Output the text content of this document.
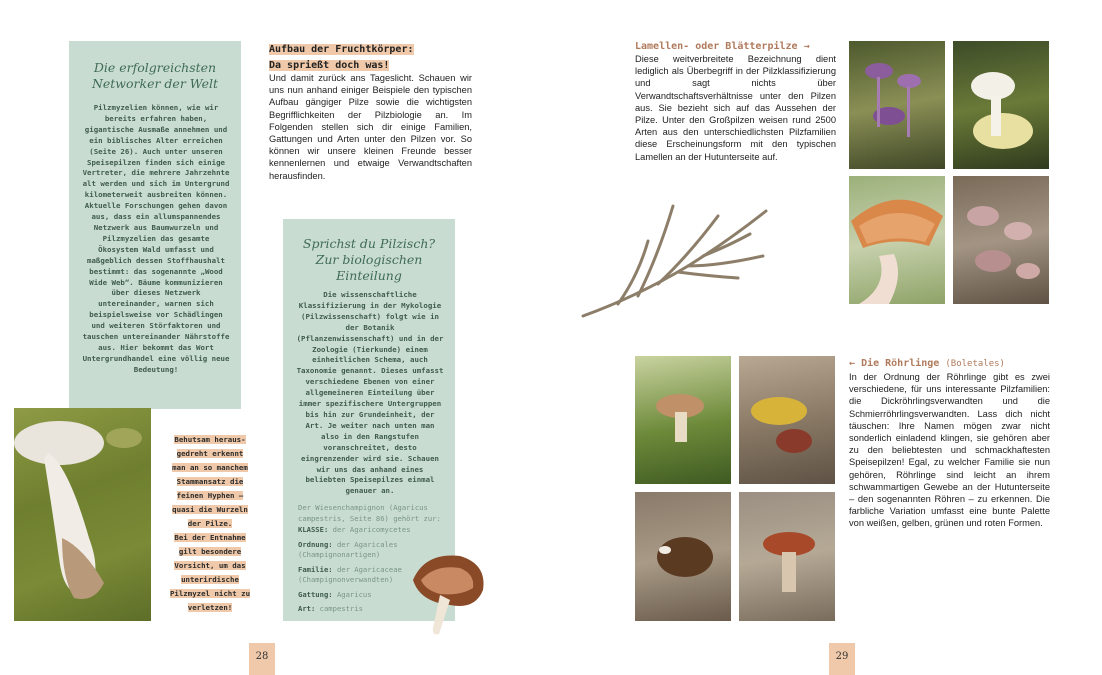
Die erfolgreichsten
Networker der Welt
Pilzmyzelien können, wie wir bereits erfahren haben, gigantische Ausmaße annehmen und ein biblisches Alter erreichen (Seite 26). Auch unter unseren Speisepilzen finden sich einige Vertreter, die mehrere Jahrzehnte alt werden und sich im Untergrund kilometerweit ausbreiten können. Aktuelle Forschungen gehen davon aus, dass ein allumspannendes Netzwerk aus Baumwurzeln und Pilzmyzelien das gesamte Ökosystem Wald umfasst und maßgeblich dessen Stoffhaushalt bestimmt: das sogenannte „Wood Wide Web“. Bäume kommunizieren über dieses Netzwerk untereinander, warnen sich beispielsweise vor Schädlingen und weiteren Störfaktoren und tauschen untereinander Nährstoffe aus. Hier bekommt das Wort Untergrundhandel eine völlig neue Bedeutung!
Aufbau der Fruchtkörper:
Da sprießt doch was!
Und damit zurück ans Tageslicht. Schauen wir uns nun anhand einiger Beispiele den typischen Aufbau gängiger Pilze sowie die wichtigsten Begrifflichkeiten der Pilzbiologie an. Im Folgenden stellen sich dir einige Familien, Gattungen und Arten unter den Pilzen vor. So können wir unsere kleinen Freunde besser kennenlernen und etwaige Verwandtschaften herausfinden.
Sprichst du Pilzisch?
Zur biologischen
Einteilung
Die wissenschaftliche Klassifizierung in der Mykologie (Pilzwissenschaft) folgt wie in der Botanik (Pflanzenwissenschaft) und in der Zoologie (Tierkunde) einem einheitlichen Schema, auch Taxonomie genannt. Dieses umfasst verschiedene Ebenen von einer allgemeineren Einteilung über immer spezifischere Untergruppen bis hin zur Grundeinheit, der Art. Je weiter nach unten man also in den Rangstufen voranschreitet, desto eingrenzender wird sie. Schauen wir uns das anhand eines beliebten Speisepilzes einmal genauer an.
Der Wiesenchampignon (Agaricus campestris, Seite 86) gehört zur:
KLASSE: der Agaricomycetes
Ordnung: der Agaricales (Champignonartigen)
Familie: der Agaricaceae (Champignonverwandten)
Gattung: Agaricus
Art: campestris
Behutsam heraus-
gedreht erkennt
man an so manchem
Stammansatz die
feinen Hyphen –
quasi die Wurzeln
der Pilze.
Bei der Entnahme
gilt besondere
Vorsicht, um das
unterirdische
Pilzmyzel nicht zu
verletzen!
28
Lamellen- oder Blätterpilze →
Diese weitverbreitete Bezeichnung dient lediglich als Überbegriff in der Pilzklassifizierung und sagt nichts über Verwandtschaftsverhältnisse unter den Pilzen aus. Sie bezieht sich auf das Aussehen der Pilze. Unter den Großpilzen weisen rund 2500 Arten aus den unterschiedlichsten Pilzfamilien diese Erscheinungsform mit den typischen Lamellen an der Hutunterseite auf.
← Die Röhrlinge (Boletales)
In der Ordnung der Röhrlinge gibt es zwei verschiedene, für uns interessante Pilzfamilien: die Dickröhrlingsverwandten und die Schmierröhrlingsverwandten. Lass dich nicht täuschen: Ihre Namen mögen zwar nicht sonderlich einladend klingen, sie gehören aber zu den beliebtesten und schmackhaftesten Speisepilzen! Egal, zu welcher Familie sie nun gehören, Röhrlinge sind leicht an ihrem schwammartigen Gewebe an der Hutunterseite – den sogenannten Röhren – zu erkennen. Die farbliche Variation umfasst eine bunte Palette von weißen, gelben, grünen und roten Formen.
29
